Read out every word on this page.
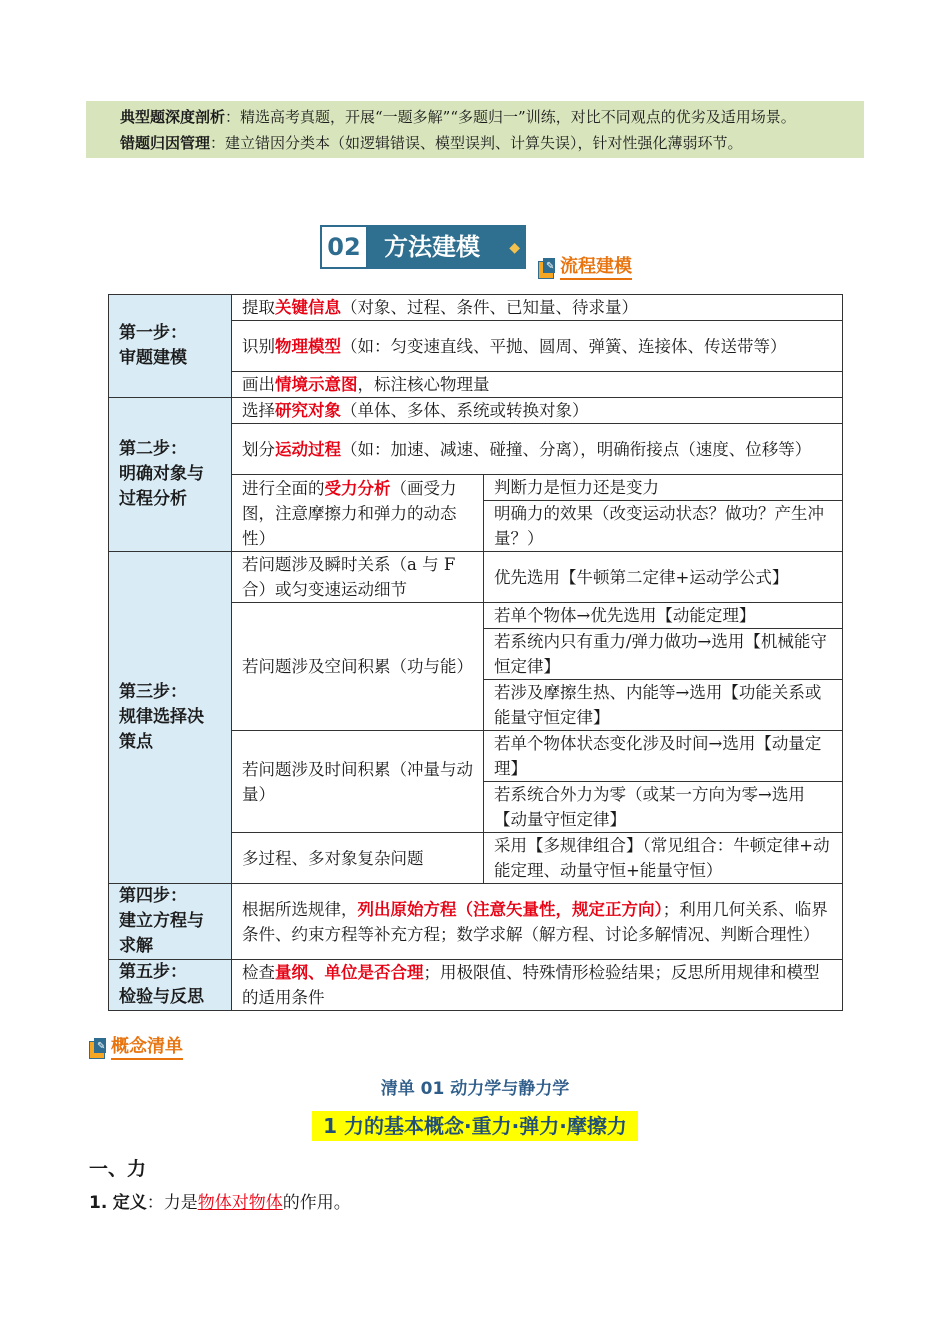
典型题深度剖析：精选高考真题，开展“一题多解”“多题归一”训练，对比不同观点的优劣及适用场景。

错题归因管理：建立错因分类本（如逻辑错误、模型误判、计算失误），针对性强化薄弱环节。

02 方法建模 ◆
✎ 流程建模
第一步：
审题建模	提取关键信息（对象、过程、条件、已知量、待求量）	
	识别物理模型（如：匀变速直线、平抛、圆周、弹簧、连接体、传送带等）	
	画出情境示意图，标注核心物理量	
第二步：
明确对象与
过程分析	选择研究对象（单体、多体、系统或转换对象）	
	划分运动过程（如：加速、减速、碰撞、分离），明确衔接点（速度、位移等）	
	进行全面的受力分析（画受力图，注意摩擦力和弹力的动态性）	判断力是恒力还是变力
		明确力的效果（改变运动状态？做功？产生冲量？）
第三步：
规律选择决
策点	若问题涉及瞬时关系（a 与 F 合）或匀变速运动细节	优先选用【牛顿第二定律+运动学公式】
	若问题涉及空间积累（功与能）	若单个物体→优先选用【动能定理】
		若系统内只有重力/弹力做功→选用【机械能守恒定律】
		若涉及摩擦生热、内能等→选用【功能关系或能量守恒定律】
	若问题涉及时间积累（冲量与动量）	若单个物体状态变化涉及时间→选用【动量定理】
		若系统合外力为零（或某一方向为零→选用【动量守恒定律】
	多过程、多对象复杂问题	采用【多规律组合】（常见组合：牛顿定律+动能定理、动量守恒+能量守恒）

第四步：
建立方程与
求解	根据所选规律，列出原始方程（注意矢量性，规定正方向）；利用几何关系、临界条件、约束方程等补充方程；数学求解（解方程、讨论多解情况、判断合理性）	
第五步：
检验与反思	检查量纲、单位是否合理；用极限值、特殊情形检验结果；反思所用规律和模型的适用条件	
✎ 概念清单
清单 01 动力学与静力学
1 力的基本概念·重力·弹力·摩擦力
一、力
1. 定义：力是物体对物体的作用。
